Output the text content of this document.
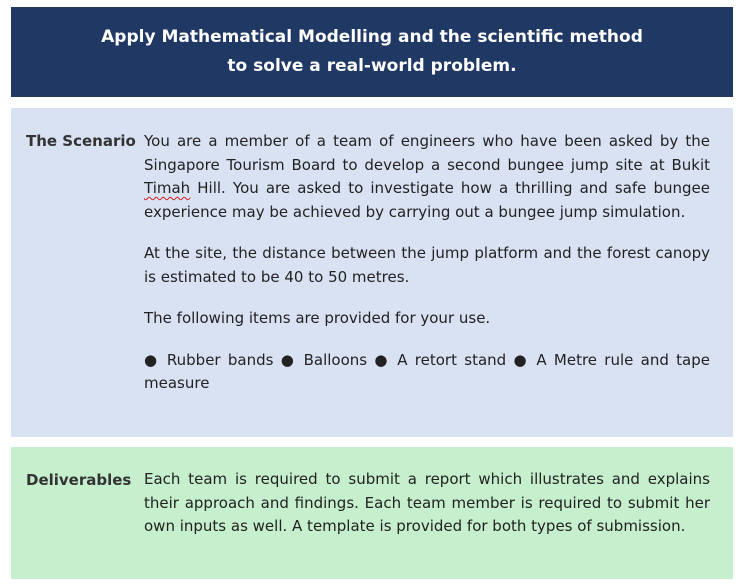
Apply Mathematical Modelling and the scientific method
to solve a real-world problem.
The Scenario You are a member of a team of engineers who have been asked by the Singapore Tourism Board to develop a second bungee jump site at Bukit Timah Hill. You are asked to investigate how a thrilling and safe bungee experience may be achieved by carrying out a bungee jump simulation.

At the site, the distance between the jump platform and the forest canopy is estimated to be 40 to 50 metres.

The following items are provided for your use.

● Rubber bands ● Balloons ● A retort stand ● A Metre rule and tape measure

Deliverables Each team is required to submit a report which illustrates and explains their approach and findings. Each team member is required to submit her own inputs as well. A template is provided for both types of submission.
